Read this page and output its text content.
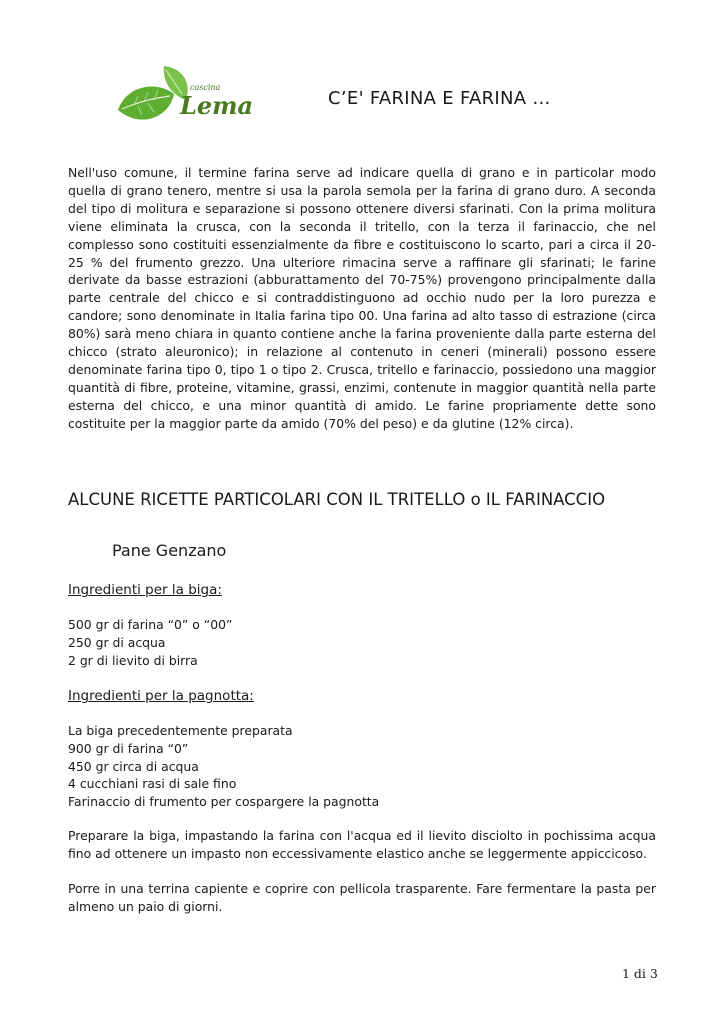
cascina
Lema	C’E' FARINA E FARINA …

Nell'uso comune, il termine farina serve ad indicare quella di grano e in particolar modo quella di grano tenero, mentre si usa la parola semola per la farina di grano duro. A seconda del tipo di molitura e separazione si possono ottenere diversi sfarinati. Con la prima molitura viene eliminata la crusca, con la seconda il tritello, con la terza il farinaccio, che nel complesso sono costituiti essenzialmente da fibre e costituiscono lo scarto, pari a circa il 20-25 % del frumento grezzo. Una ulteriore rimacina serve a raffinare gli sfarinati; le farine derivate da basse estrazioni (abburattamento del 70-75%) provengono principalmente dalla parte centrale del chicco e si contraddistinguono ad occhio nudo per la loro purezza e candore; sono denominate in Italia farina tipo 00. Una farina ad alto tasso di estrazione (circa 80%) sarà meno chiara in quanto contiene anche la farina proveniente dalla parte esterna del chicco (strato aleuronico); in relazione al contenuto in ceneri (minerali) possono essere denominate farina tipo 0, tipo 1 o tipo 2. Crusca, tritello e farinaccio, possiedono una maggior quantità di fibre, proteine, vitamine, grassi, enzimi, contenute in maggior quantità nella parte esterna del chicco, e una minor quantità di amido. Le farine propriamente dette sono costituite per la maggior parte da amido (70% del peso) e da glutine (12% circa).

ALCUNE RICETTE PARTICOLARI CON IL TRITELLO o IL FARINACCIO
Pane Genzano
Ingredienti per la biga:
500 gr di farina “0” o “00”
250 gr di acqua
2 gr di lievito di birra
Ingredienti per la pagnotta:
La biga precedentemente preparata
900 gr di farina “0”
450 gr circa di acqua
4 cucchiani rasi di sale fino
Farinaccio di frumento per cospargere la pagnotta

Preparare la biga, impastando la farina con l'acqua ed il lievito disciolto in pochissima acqua fino ad ottenere un impasto non eccessivamente elastico anche se leggermente appiccicoso.

Porre in una terrina capiente e coprire con pellicola trasparente. Fare fermentare la pasta per almeno un paio di giorni.

1 di 3
